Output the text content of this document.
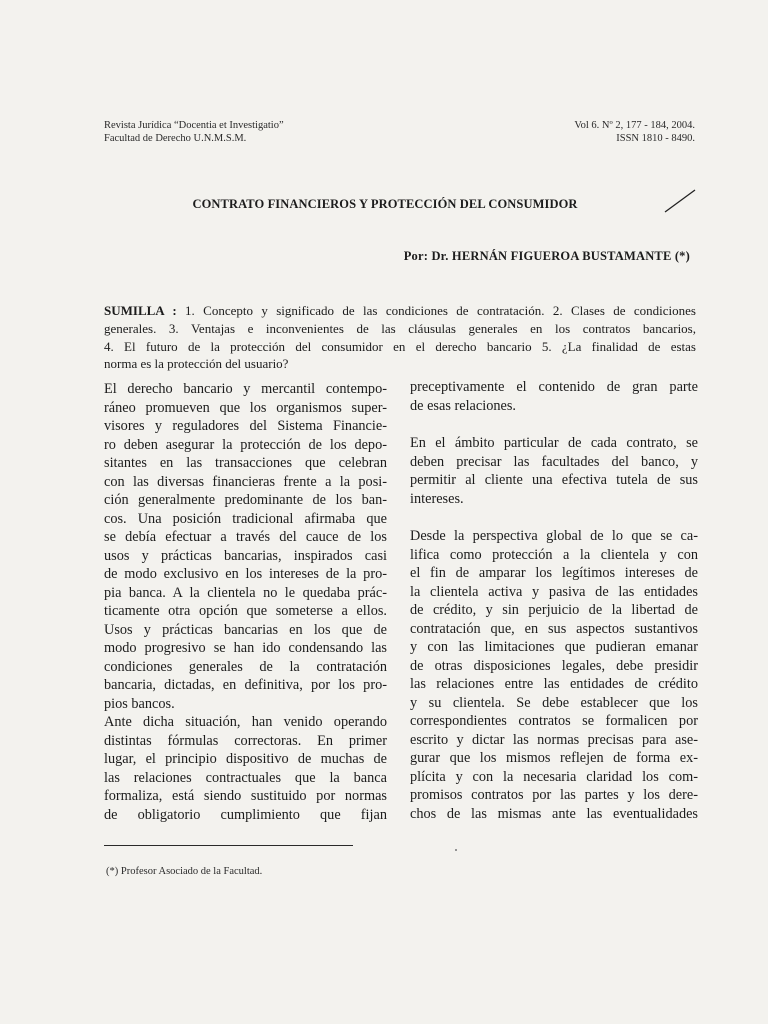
Revista Jurídica “Docentia et Investigatio”
Facultad de Derecho U.N.M.S.M.
Vol 6. Nº 2, 177 - 184, 2004.
ISSN 1810 - 8490.
CONTRATO FINANCIEROS Y PROTECCIÓN DEL CONSUMIDOR
Por: Dr. HERNÁN FIGUEROA BUSTAMANTE (*)
SUMILLA : 1. Concepto y significado de las condiciones de contratación. 2. Clases de condiciones
generales. 3. Ventajas e inconvenientes de las cláusulas generales en los contratos bancarios,
4. El futuro de la protección del consumidor en el derecho bancario 5. ¿La finalidad de estas
norma es la protección del usuario?
El derecho bancario y mercantil contempo-
ráneo promueven que los organismos super-
visores y reguladores del Sistema Financie-
ro deben asegurar la protección de los depo-
sitantes en las transacciones que celebran
con las diversas financieras frente a la posi-
ción generalmente predominante de los ban-
cos. Una posición tradicional afirmaba que
se debía efectuar a través del cauce de los
usos y prácticas bancarias, inspirados casi
de modo exclusivo en los intereses de la pro-
pia banca. A la clientela no le quedaba prác-
ticamente otra opción que someterse a ellos.
Usos y prácticas bancarias en los que de
modo progresivo se han ido condensando las
condiciones generales de la contratación
bancaria, dictadas, en definitiva, por los pro-
pios bancos.
Ante dicha situación, han venido operando
distintas fórmulas correctoras. En primer
lugar, el principio dispositivo de muchas de
las relaciones contractuales que la banca
formaliza, está siendo sustituido por normas
de obligatorio cumplimiento que fijan
preceptivamente el contenido de gran parte
de esas relaciones.
En el ámbito particular de cada contrato, se
deben precisar las facultades del banco, y
permitir al cliente una efectiva tutela de sus
intereses.
Desde la perspectiva global de lo que se ca-
lifica como protección a la clientela y con
el fin de amparar los legítimos intereses de
la clientela activa y pasiva de las entidades
de crédito, y sin perjuicio de la libertad de
contratación que, en sus aspectos sustantivos
y con las limitaciones que pudieran emanar
de otras disposiciones legales, debe presidir
las relaciones entre las entidades de crédito
y su clientela. Se debe establecer que los
correspondientes contratos se formalicen por
escrito y dictar las normas precisas para ase-
gurar que los mismos reflejen de forma ex-
plícita y con la necesaria claridad los com-
promisos contratos por las partes y los dere-
chos de las mismas ante las eventualidades
(*) Profesor Asociado de la Facultad.
